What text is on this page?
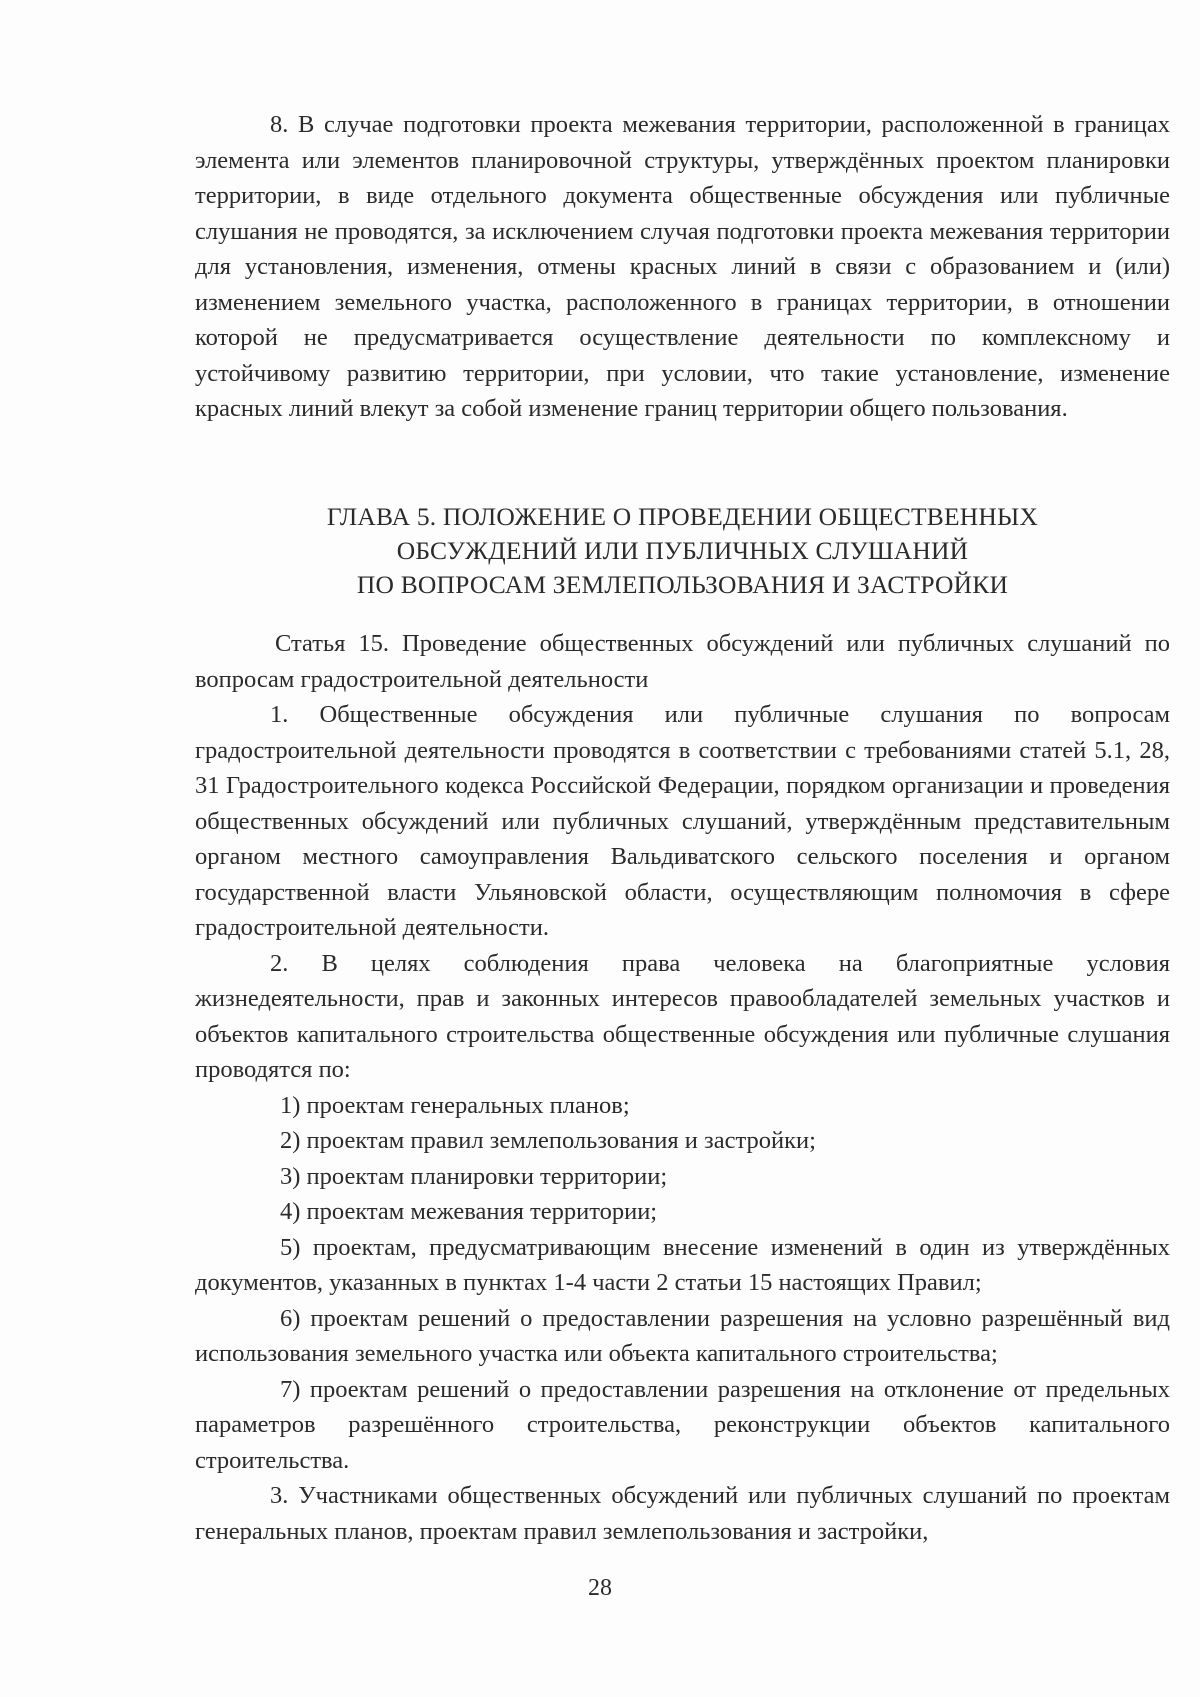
8. В случае подготовки проекта межевания территории, расположенной в границах элемента или элементов планировочной структуры, утверждённых проектом планировки территории, в виде отдельного документа общественные обсуждения или публичные слушания не проводятся, за исключением случая подготовки проекта межевания территории для установления, изменения, отмены красных линий в связи с образованием и (или) изменением земельного участка, расположенного в границах территории, в отношении которой не предусматривается осуществление деятельности по комплексному и устойчивому развитию территории, при условии, что такие установление, изменение красных линий влекут за собой изменение границ территории общего пользования.

ГЛАВА 5. ПОЛОЖЕНИЕ О ПРОВЕДЕНИИ ОБЩЕСТВЕННЫХ
ОБСУЖДЕНИЙ ИЛИ ПУБЛИЧНЫХ СЛУШАНИЙ
ПО ВОПРОСАМ ЗЕМЛЕПОЛЬЗОВАНИЯ И ЗАСТРОЙКИ

Статья 15. Проведение общественных обсуждений или публичных слушаний по вопросам градостроительной деятельности

1. Общественные обсуждения или публичные слушания по вопросам градостроительной деятельности проводятся в соответствии с требованиями статей 5.1, 28, 31 Градостроительного кодекса Российской Федерации, порядком организации и проведения общественных обсуждений или публичных слушаний, утверждённым представительным органом местного самоуправления Вальдиватского сельского поселения и органом государственной власти Ульяновской области, осуществляющим полномочия в сфере градостроительной деятельности.

2. В целях соблюдения права человека на благоприятные условия жизнедеятельности, прав и законных интересов правообладателей земельных участков и объектов капитального строительства общественные обсуждения или публичные слушания проводятся по:

1) проектам генеральных планов;

2) проектам правил землепользования и застройки;

3) проектам планировки территории;

4) проектам межевания территории;

5) проектам, предусматривающим внесение изменений в один из утверждённых документов, указанных в пунктах 1-4 части 2 статьи 15 настоящих Правил;

6) проектам решений о предоставлении разрешения на условно разрешённый вид использования земельного участка или объекта капитального строительства;

7) проектам решений о предоставлении разрешения на отклонение от предельных параметров разрешённого строительства, реконструкции объектов капитального строительства.

3. Участниками общественных обсуждений или публичных слушаний по проектам генеральных планов, проектам правил землепользования и застройки,

28
